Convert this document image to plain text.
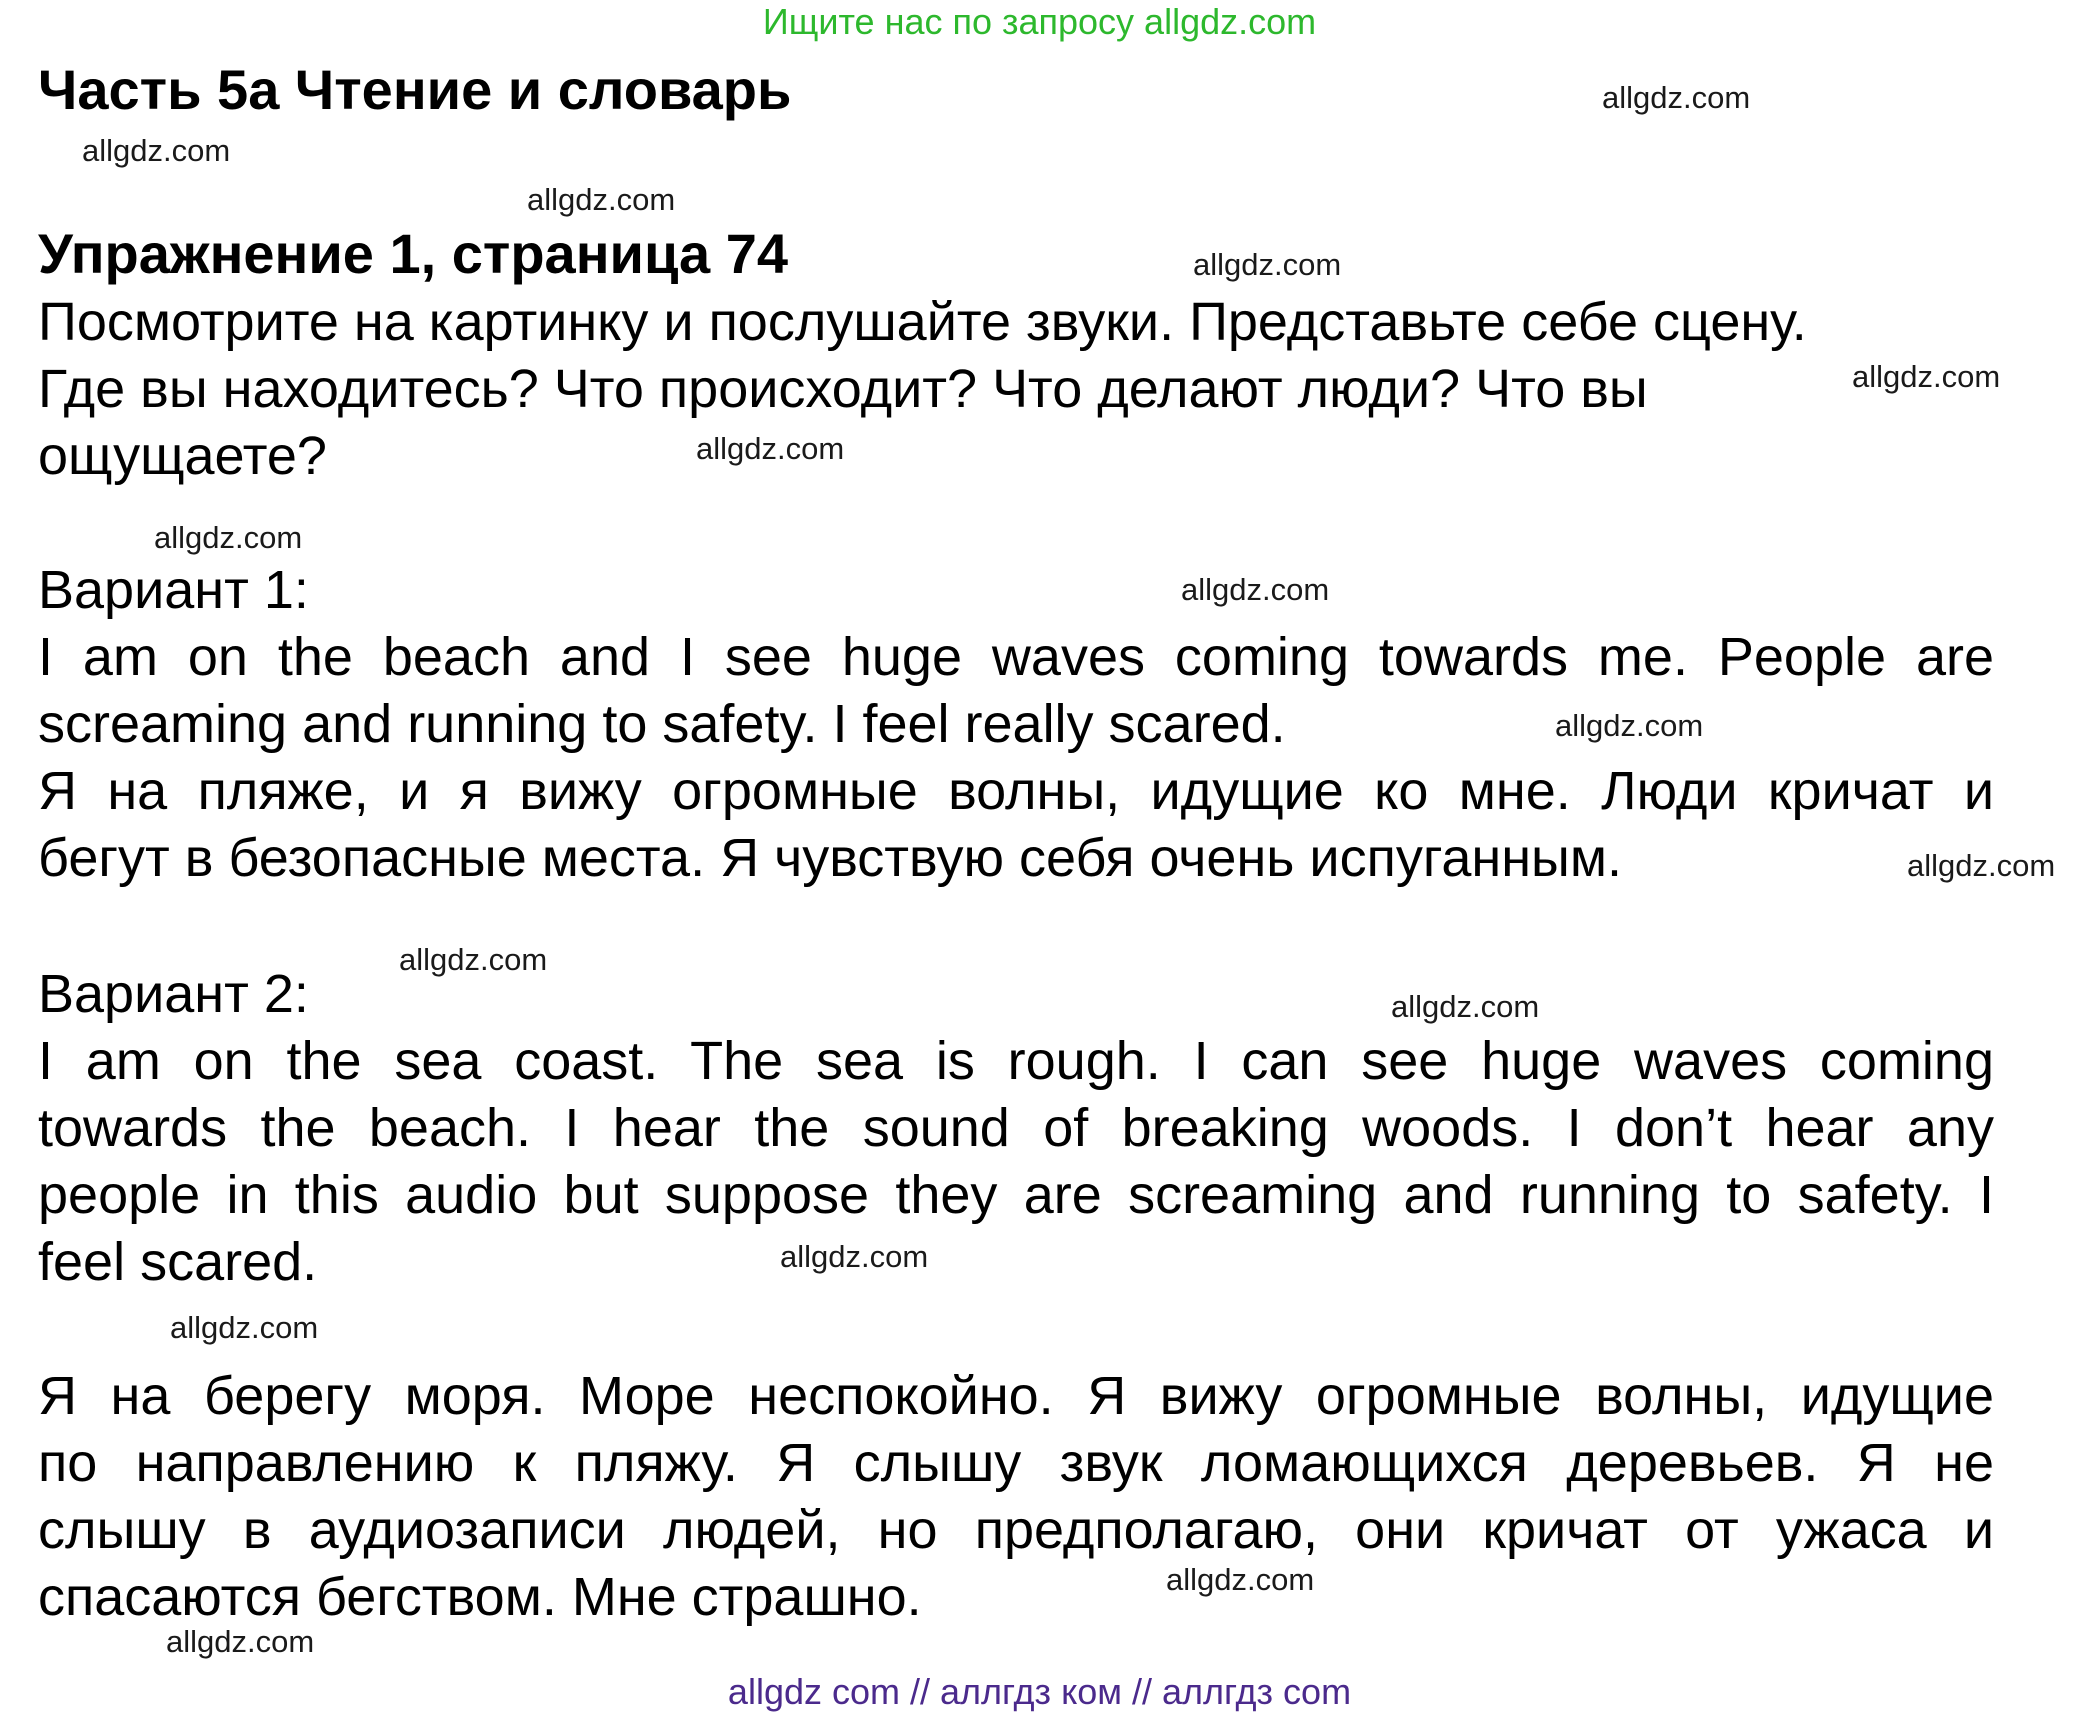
Ищите нас по запросу allgdz.com
Часть 5a Чтение и словарь
Упражнение 1, страница 74
Посмотрите на картинку и послушайте звуки. Представьте себе сцену.
Где вы находитесь? Что происходит? Что делают люди? Что вы
ощущаете?
Вариант 1:
I am on the beach and I see huge waves coming towards me. People are
screaming and running to safety. I feel really scared.
Я на пляже, и я вижу огромные волны, идущие ко мне. Люди кричат и
бегут в безопасные места. Я чувствую себя очень испуганным.
Вариант 2:
I am on the sea coast. The sea is rough. I can see huge waves coming
towards the beach. I hear the sound of breaking woods. I don’t hear any
people in this audio but suppose they are screaming and running to safety. I
feel scared.
Я на берегу моря. Море неспокойно. Я вижу огромные волны, идущие
по направлению к пляжу. Я слышу звук ломающихся деревьев. Я не
слышу в аудиозаписи людей, но предполагаю, они кричат от ужаса и
спасаются бегством. Мне страшно.
allgdz.com
allgdz.com
allgdz.com
allgdz.com
allgdz.com
allgdz.com
allgdz.com
allgdz.com
allgdz.com
allgdz.com
allgdz.com
allgdz.com
allgdz.com
allgdz.com
allgdz.com
allgdz.com
allgdz com // аллгдз ком // аллгдз com
